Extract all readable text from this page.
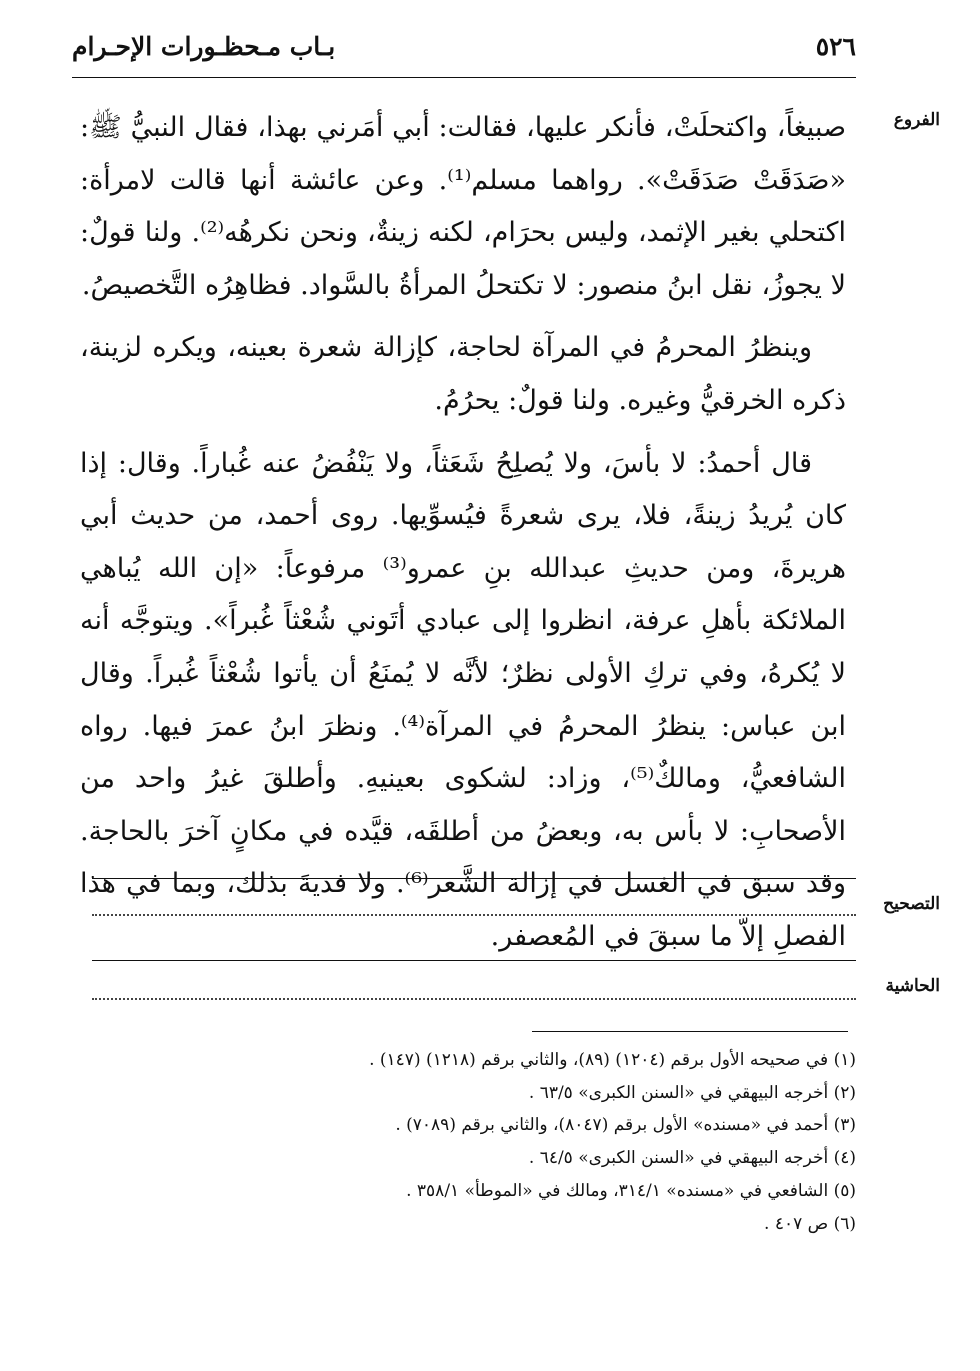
٥٢٦
بـاب مـحظـورات الإحـرام
الفروع

صبيغاً، واكتحلَتْ، فأنكر عليها، فقالت: أبي أمَرني بهذا، فقال النبيُّ ﷺ: «صَدَقَتْ صَدَقَتْ». رواهما مسلم⁽¹⁾. وعن عائشة أنها قالت لامرأة: اكتحلي بغير الإثمد، وليس بحرَام، لكنه زينةٌ، ونحن نكرهُه⁽²⁾. ولنا قولٌ: لا يجوزُ، نقل ابنُ منصور: لا تكتحلُ المرأةُ بالسَّواد. فظاهِرُه التَّخصيصُ.

وينظرُ المحرمُ في المرآة لحاجة، كإزالة شعرة بعينه، ويكره لزينة، ذكره الخرقيُّ وغيره. ولنا قولٌ: يحرُمُ.

قال أحمدُ: لا بأسَ، ولا يُصلِحُ شَعَثاً، ولا يَنْفُضُ عنه غُباراً. وقال: إذا كان يُريدُ زينةً، فلا، يرى شعرةً فيُسوِّيها. روى أحمد، من حديث أبي هريرةَ، ومن حديثِ عبدالله بنِ عمرو⁽³⁾ مرفوعاً: «إن الله يُباهي الملائكة بأهلِ عرفة، انظروا إلى عبادي أتَوني شُعْثاً غُبراً». ويتوجَّه أنه لا يُكرهُ، وفي تركِ الأولى نظرٌ؛ لأنَّه لا يُمنَعُ أن يأتوا شُعْثاً غُبراً. وقال ابن عباس: ينظرُ المحرمُ في المرآة⁽⁴⁾. ونظرَ ابنُ عمرَ فيها. رواه الشافعيُّ، ومالكٌ⁽⁵⁾، وزاد: لشكوى بعينيهِ. وأطلقَ غيرُ واحد من الأصحابِ: لا بأس به، وبعضُ من أطلقَه، قيَّده في مكانٍ آخرَ بالحاجة. وقد سبق في الغسل في إزالة الشَّعر⁽⁶⁾. ولا فديةَ بذلك، وبما في هذا الفصلِ إلاّ ما سبقَ في المُعصفر.

التصحيح
الحاشية

(١) في صحيحه الأول برقم (١٢٠٤) (٨٩)، والثاني برقم (١٢١٨) (١٤٧) .

(٢) أخرجه البيهقي في «السنن الكبرى» ٦٣/٥ .

(٣) أحمد في «مسنده» الأول برقم (٨٠٤٧)، والثاني برقم (٧٠٨٩) .

(٤) أخرجه البيهقي في «السنن الكبرى» ٦٤/٥ .

(٥) الشافعي في «مسنده» ٣١٤/١، ومالك في «الموطأ» ٣٥٨/١ .

(٦) ص ٤٠٧ .
